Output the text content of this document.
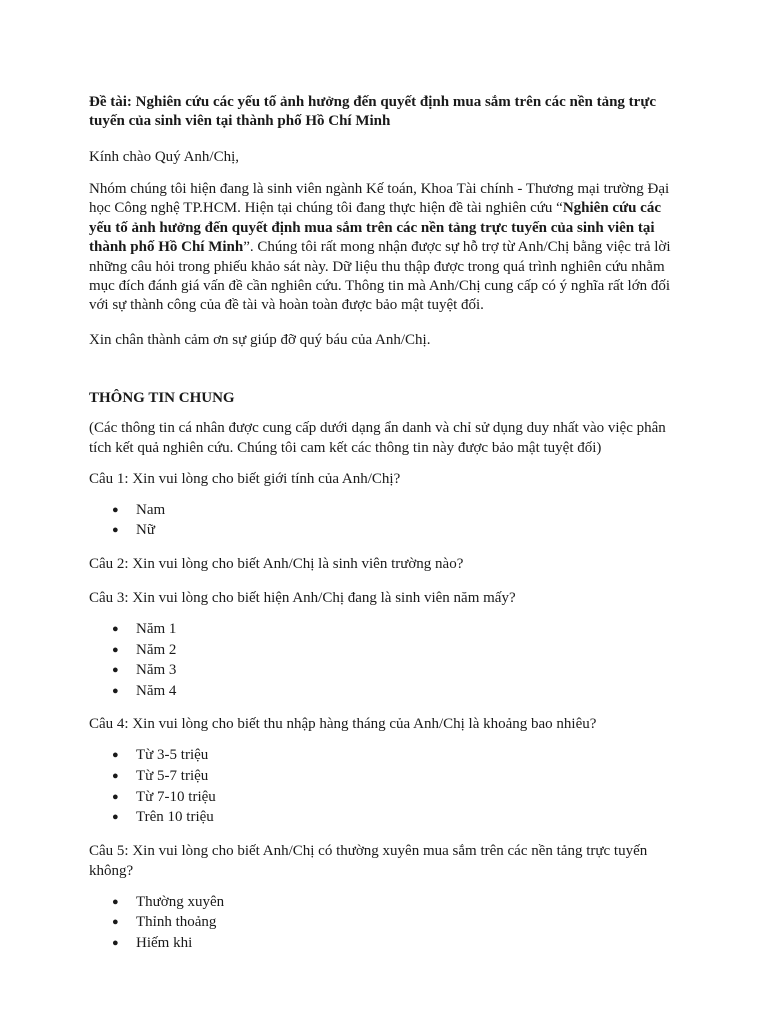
Đề tài: Nghiên cứu các yếu tố ảnh hưởng đến quyết định mua sắm trên các nền tảng trực tuyến của sinh viên tại thành phố Hồ Chí Minh

Kính chào Quý Anh/Chị,

Nhóm chúng tôi hiện đang là sinh viên ngành Kế toán, Khoa Tài chính - Thương mại trường Đại học Công nghệ TP.HCM. Hiện tại chúng tôi đang thực hiện đề tài nghiên cứu “Nghiên cứu các yếu tố ảnh hưởng đến quyết định mua sắm trên các nền tảng trực tuyến của sinh viên tại thành phố Hồ Chí Minh”. Chúng tôi rất mong nhận được sự hỗ trợ từ Anh/Chị bằng việc trả lời những câu hỏi trong phiếu khảo sát này. Dữ liệu thu thập được trong quá trình nghiên cứu nhằm mục đích đánh giá vấn đề cần nghiên cứu. Thông tin mà Anh/Chị cung cấp có ý nghĩa rất lớn đối với sự thành công của đề tài và hoàn toàn được bảo mật tuyệt đối.

Xin chân thành cảm ơn sự giúp đỡ quý báu của Anh/Chị.

THÔNG TIN CHUNG

(Các thông tin cá nhân được cung cấp dưới dạng ẩn danh và chỉ sử dụng duy nhất vào việc phân tích kết quả nghiên cứu. Chúng tôi cam kết các thông tin này được bảo mật tuyệt đối)

Câu 1: Xin vui lòng cho biết giới tính của Anh/Chị?

● Nam
● Nữ

Câu 2: Xin vui lòng cho biết Anh/Chị là sinh viên trường nào?

Câu 3: Xin vui lòng cho biết hiện Anh/Chị đang là sinh viên năm mấy?

● Năm 1
● Năm 2
● Năm 3
● Năm 4

Câu 4: Xin vui lòng cho biết thu nhập hàng tháng của Anh/Chị là khoảng bao nhiêu?

● Từ 3-5 triệu
● Từ 5-7 triệu
● Từ 7-10 triệu
● Trên 10 triệu

Câu 5: Xin vui lòng cho biết Anh/Chị có thường xuyên mua sắm trên các nền tảng trực tuyến không?

● Thường xuyên
● Thỉnh thoảng
● Hiếm khi
